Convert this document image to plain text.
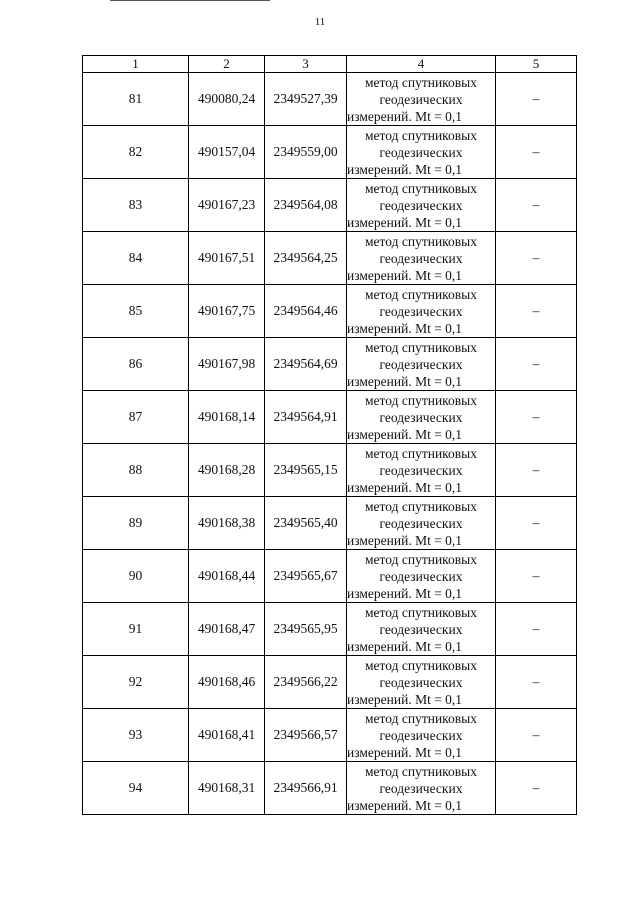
11
1	2	3	4	5
81	490080,24	2349527,39	метод спутниковых
геодезических
измерений. Mt = 0,1	–
82	490157,04	2349559,00	метод спутниковых
геодезических
измерений. Mt = 0,1	–
83	490167,23	2349564,08	метод спутниковых
геодезических
измерений. Mt = 0,1	–
84	490167,51	2349564,25	метод спутниковых
геодезических
измерений. Mt = 0,1	–
85	490167,75	2349564,46	метод спутниковых
геодезических
измерений. Mt = 0,1	–
86	490167,98	2349564,69	метод спутниковых
геодезических
измерений. Mt = 0,1	–
87	490168,14	2349564,91	метод спутниковых
геодезических
измерений. Mt = 0,1	–
88	490168,28	2349565,15	метод спутниковых
геодезических
измерений. Mt = 0,1	–
89	490168,38	2349565,40	метод спутниковых
геодезических
измерений. Mt = 0,1	–
90	490168,44	2349565,67	метод спутниковых
геодезических
измерений. Mt = 0,1	–
91	490168,47	2349565,95	метод спутниковых
геодезических
измерений. Mt = 0,1	–
92	490168,46	2349566,22	метод спутниковых
геодезических
измерений. Mt = 0,1	–
93	490168,41	2349566,57	метод спутниковых
геодезических
измерений. Mt = 0,1	–
94	490168,31	2349566,91	метод спутниковых
геодезических
измерений. Mt = 0,1	–
